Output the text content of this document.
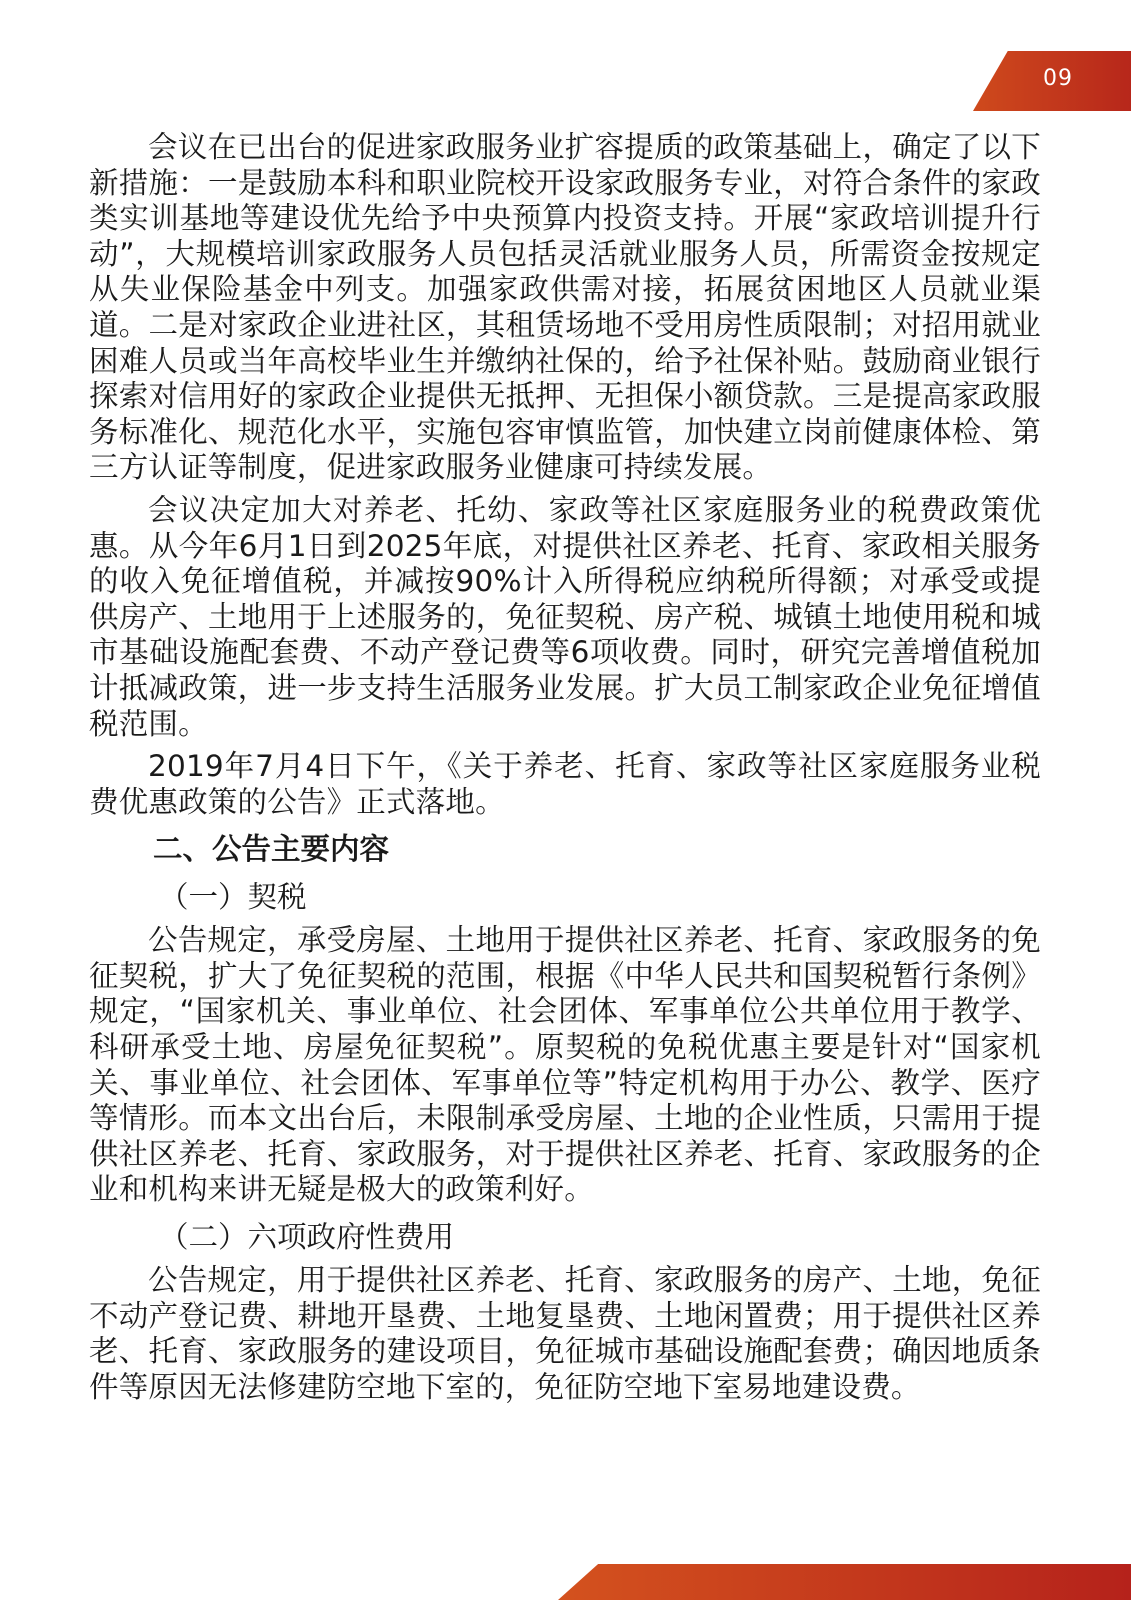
09

会议在已出台的促进家政服务业扩容提质的政策基础上，确定了以下新措施：一是鼓励本科和职业院校开设家政服务专业，对符合条件的家政类实训基地等建设优先给予中央预算内投资支持。开展“家政培训提升行动”，大规模培训家政服务人员包括灵活就业服务人员，所需资金按规定从失业保险基金中列支。加强家政供需对接，拓展贫困地区人员就业渠道。二是对家政企业进社区，其租赁场地不受用房性质限制；对招用就业困难人员或当年高校毕业生并缴纳社保的，给予社保补贴。鼓励商业银行探索对信用好的家政企业提供无抵押、无担保小额贷款。三是提高家政服务标准化、规范化水平，实施包容审慎监管，加快建立岗前健康体检、第三方认证等制度，促进家政服务业健康可持续发展。

会议决定加大对养老、托幼、家政等社区家庭服务业的税费政策优惠。从今年6月1日到2025年底，对提供社区养老、托育、家政相关服务的收入免征增值税，并减按90%计入所得税应纳税所得额；对承受或提供房产、土地用于上述服务的，免征契税、房产税、城镇土地使用税和城市基础设施配套费、不动产登记费等6项收费。同时，研究完善增值税加计抵减政策，进一步支持生活服务业发展。扩大员工制家政企业免征增值税范围。

2019年7月4日下午，《关于养老、托育、家政等社区家庭服务业税费优惠政策的公告》正式落地。

二、公告主要内容
（一）契税

公告规定，承受房屋、土地用于提供社区养老、托育、家政服务的免征契税，扩大了免征契税的范围，根据《中华人民共和国契税暂行条例》规定，“国家机关、事业单位、社会团体、军事单位公共单位用于教学、科研承受土地、房屋免征契税”。原契税的免税优惠主要是针对“国家机关、事业单位、社会团体、军事单位等”特定机构用于办公、教学、医疗等情形。而本文出台后，未限制承受房屋、土地的企业性质，只需用于提供社区养老、托育、家政服务，对于提供社区养老、托育、家政服务的企业和机构来讲无疑是极大的政策利好。

（二）六项政府性费用

公告规定，用于提供社区养老、托育、家政服务的房产、土地，免征不动产登记费、耕地开垦费、土地复垦费、土地闲置费；用于提供社区养老、托育、家政服务的建设项目，免征城市基础设施配套费；确因地质条件等原因无法修建防空地下室的，免征防空地下室易地建设费。
